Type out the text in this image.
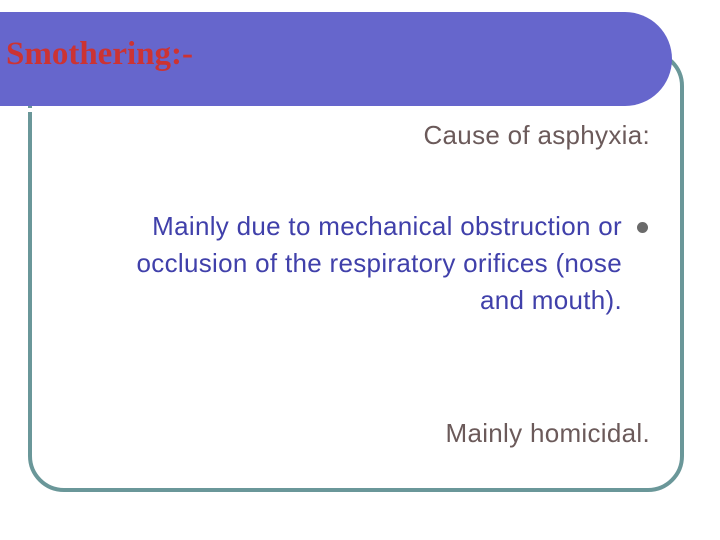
Smothering:-
Cause of asphyxia:
Mainly due to mechanical obstruction or occlusion of the respiratory orifices (nose and mouth).
Mainly homicidal.
